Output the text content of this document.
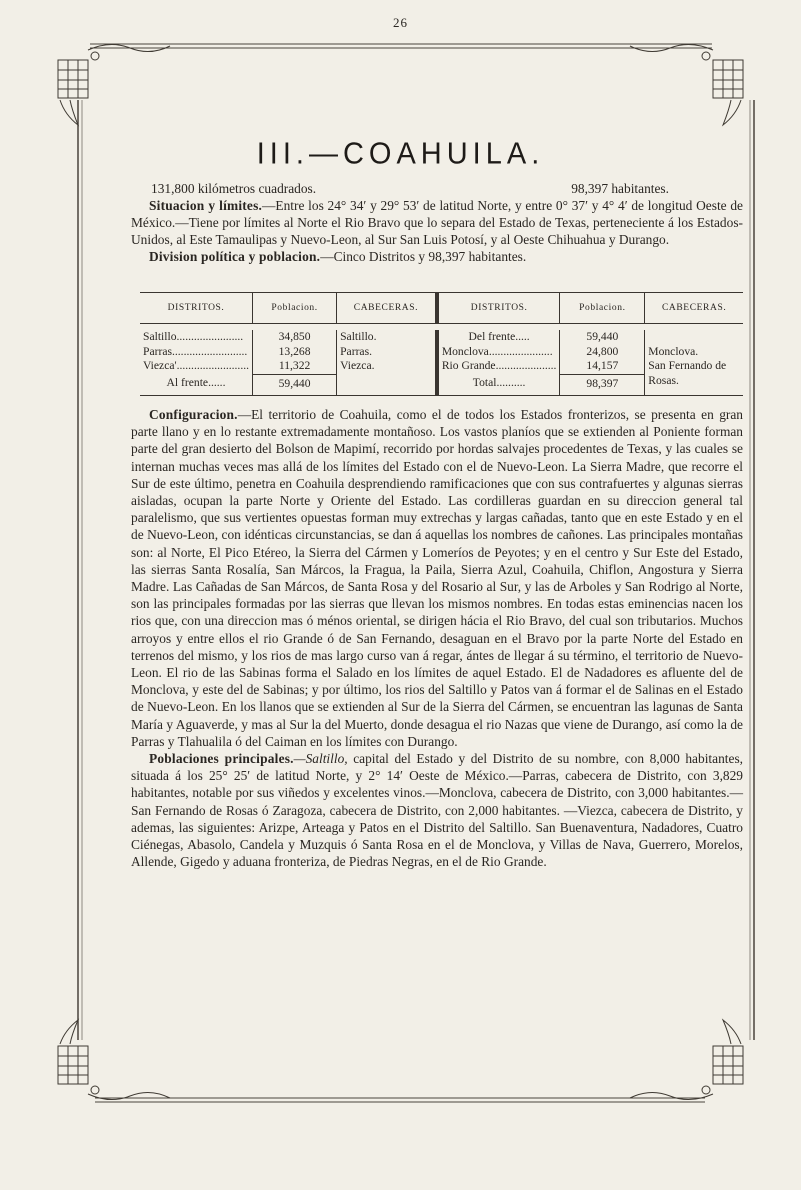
26
III.—COAHUILA.
131,800 kilómetros cuadrados.	98,397 habitantes.

Situacion y límites.—Entre los 24° 34′ y 29° 53′ de latitud Norte, y entre 0° 37′ y 4° 4′ de longitud Oeste de México.—Tiene por límites al Norte el Rio Bravo que lo separa del Estado de Texas, perteneciente á los Estados-Unidos, al Este Tamaulipas y Nuevo-Leon, al Sur San Luis Potosí, y al Oeste Chihuahua y Durango.

Division política y poblacion.—Cinco Distritos y 98,397 habitantes.

DISTRITOS.	Poblacion.	CABECERAS.	DISTRITOS.	Poblacion.	CABECERAS.

Saltillo.......................	34,850	Saltillo.	Del frente.....	59,440	
Parras..........................	13,268	Parras.	Monclova......................	24,800	Monclova.
Viezca'.........................	11,322	Viezca.	Rio Grande.....................	14,157	San Fernando de Rosas.
Al frente......	59,440		Total..........	98,397	

Configuracion.—El territorio de Coahuila, como el de todos los Estados fronterizos, se presenta en gran parte llano y en lo restante extremadamente montañoso. Los vastos planíos que se extienden al Poniente forman parte del gran desierto del Bolson de Mapimí, recorrido por hordas salvajes procedentes de Texas, y las cuales se internan muchas veces mas allá de los límites del Estado con el de Nuevo-Leon. La Sierra Madre, que recorre el Sur de este último, penetra en Coahuila desprendiendo ramificaciones que con sus contrafuertes y algunas sierras aisladas, ocupan la parte Norte y Oriente del Estado. Las cordilleras guardan en su direccion general tal paralelismo, que sus vertientes opuestas forman muy extrechas y largas cañadas, tanto que en este Estado y en el de Nuevo-Leon, con idénticas circunstancias, se dan á aquellas los nombres de cañones. Las principales montañas son: al Norte, El Pico Etéreo, la Sierra del Cármen y Lomeríos de Peyotes; y en el centro y Sur Este del Estado, las sierras Santa Rosalía, San Márcos, la Fragua, la Paila, Sierra Azul, Coahuila, Chiflon, Angostura y Sierra Madre. Las Cañadas de San Márcos, de Santa Rosa y del Rosario al Sur, y las de Arboles y San Rodrigo al Norte, son las principales formadas por las sierras que llevan los mismos nombres. En todas estas eminencias nacen los rios que, con una direccion mas ó ménos oriental, se dirigen hácia el Rio Bravo, del cual son tributarios. Muchos arroyos y entre ellos el rio Grande ó de San Fernando, desaguan en el Bravo por la parte Norte del Estado en terrenos del mismo, y los rios de mas largo curso van á regar, ántes de llegar á su término, el territorio de Nuevo-Leon. El rio de las Sabinas forma el Salado en los límites de aquel Estado. El de Nadadores es afluente del de Monclova, y este del de Sabinas; y por último, los rios del Saltillo y Patos van á formar el de Salinas en el Estado de Nuevo-Leon. En los llanos que se extienden al Sur de la Sierra del Cármen, se encuentran las lagunas de Santa María y Aguaverde, y mas al Sur la del Muerto, donde desagua el rio Nazas que viene de Durango, así como la de Parras y Tlahualila ó del Caiman en los límites con Durango.

Poblaciones principales.—Saltillo, capital del Estado y del Distrito de su nombre, con 8,000 habitantes, situada á los 25° 25′ de latitud Norte, y 2° 14′ Oeste de México.—Parras, cabecera de Distrito, con 3,829 habitantes, notable por sus viñedos y excelentes vinos.—Monclova, cabecera de Distrito, con 3,000 habitantes.—San Fernando de Rosas ó Zaragoza, cabecera de Distrito, con 2,000 habitantes. —Viezca, cabecera de Distrito, y ademas, las siguientes: Arizpe, Arteaga y Patos en el Distrito del Saltillo. San Buenaventura, Nadadores, Cuatro Ciénegas, Abasolo, Candela y Muzquis ó Santa Rosa en el de Monclova, y Villas de Nava, Guerrero, Morelos, Allende, Gigedo y aduana fronteriza, de Piedras Negras, en el de Rio Grande.
